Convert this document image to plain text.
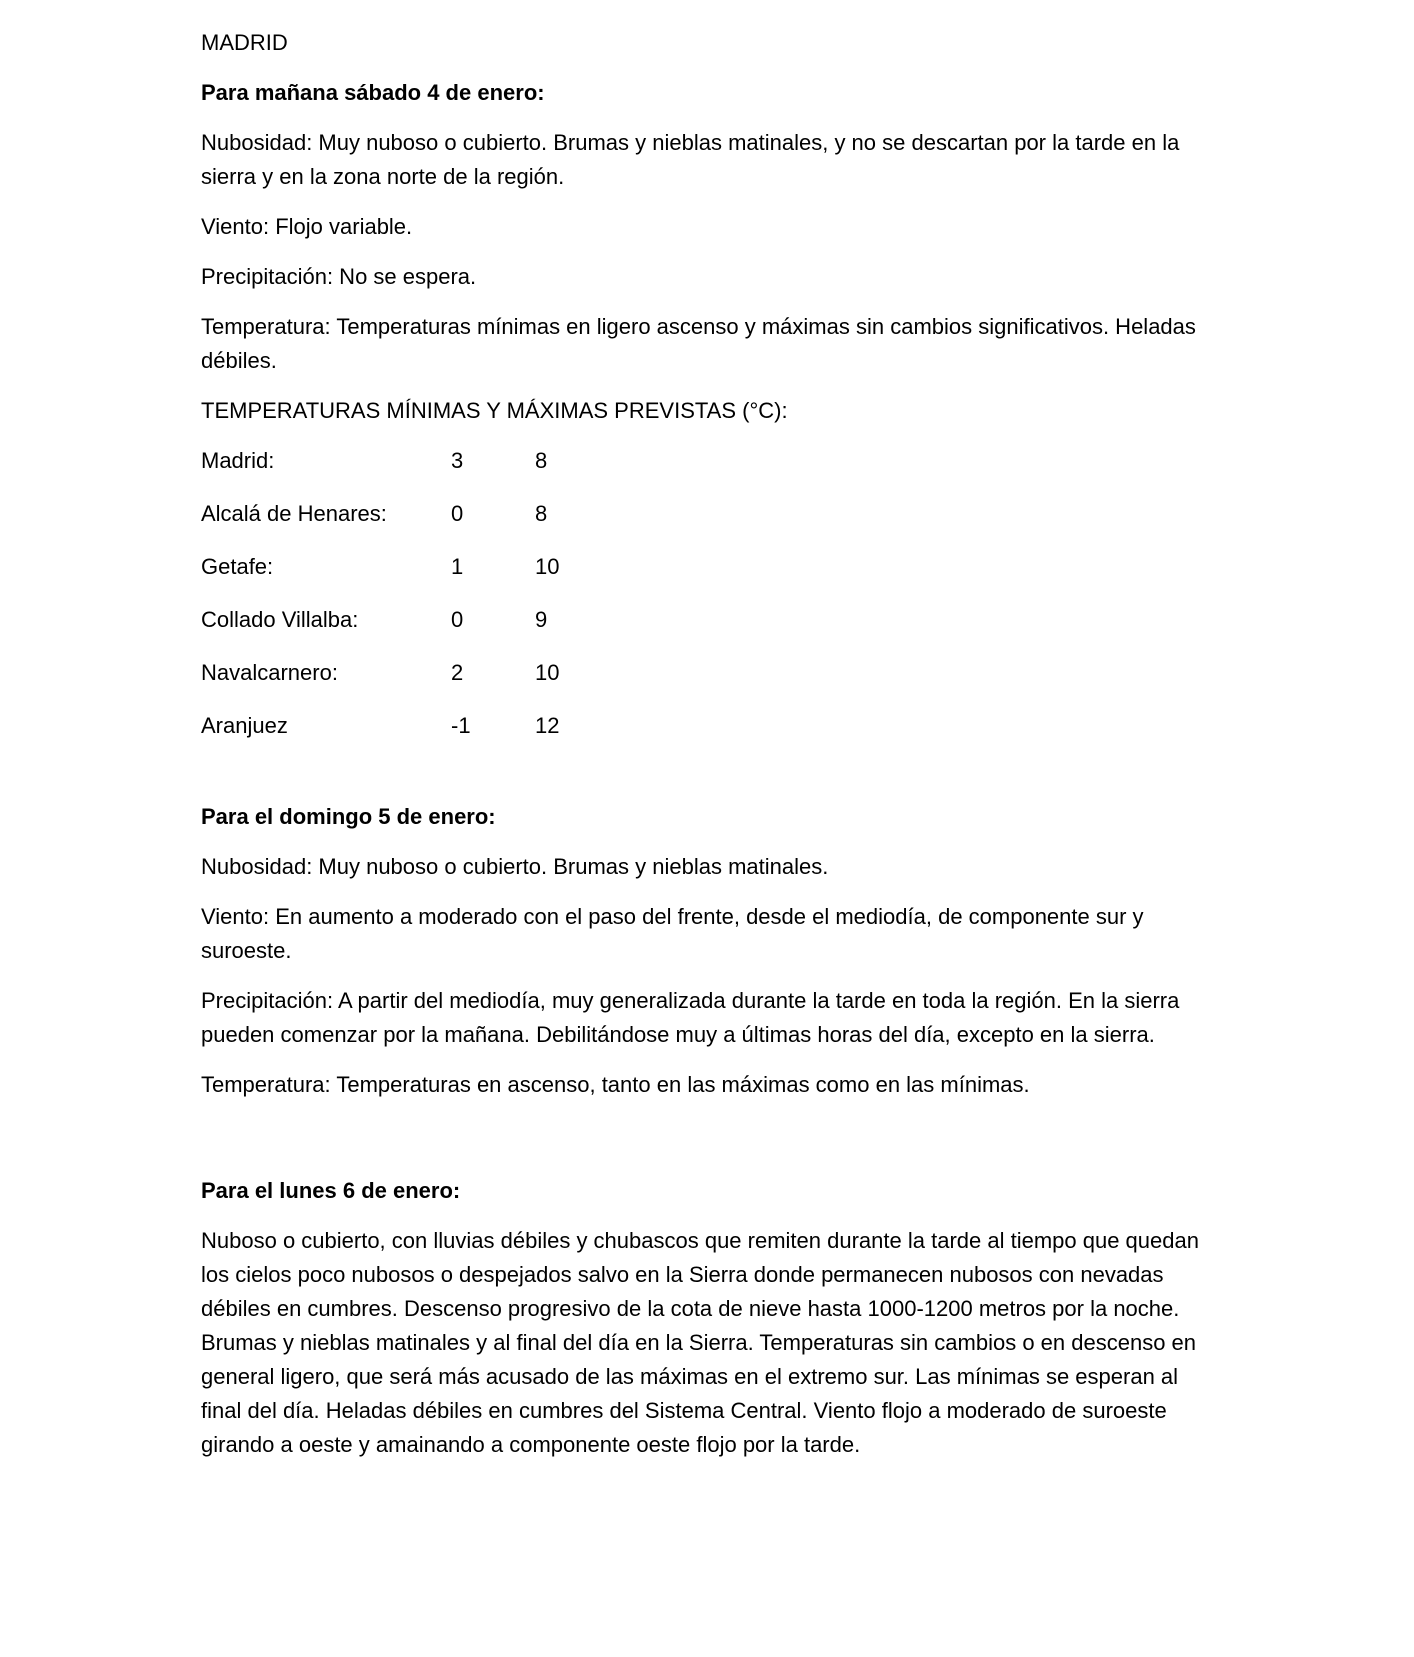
MADRID

Para mañana sábado 4 de enero:

Nubosidad: Muy nuboso o cubierto. Brumas y nieblas matinales, y no se descartan por la tarde en la sierra y en la zona norte de la región.

Viento: Flojo variable.

Precipitación: No se espera.

Temperatura: Temperaturas mínimas en ligero ascenso y máximas sin cambios significativos. Heladas débiles.

TEMPERATURAS MÍNIMAS Y MÁXIMAS PREVISTAS (°C):

Madrid:	3	8
Alcalá de Henares:	0	8
Getafe:	1	10
Collado Villalba:	0	9
Navalcarnero:	2	10
Aranjuez	-1	12

Para el domingo 5 de enero:

Nubosidad: Muy nuboso o cubierto. Brumas y nieblas matinales.

Viento: En aumento a moderado con el paso del frente, desde el mediodía, de componente sur y suroeste.

Precipitación: A partir del mediodía, muy generalizada durante la tarde en toda la región. En la sierra pueden comenzar por la mañana. Debilitándose muy a últimas horas del día, excepto en la sierra.

Temperatura: Temperaturas en ascenso, tanto en las máximas como en las mínimas.

Para el lunes 6 de enero:

Nuboso o cubierto, con lluvias débiles y chubascos que remiten durante la tarde al tiempo que quedan los cielos poco nubosos o despejados salvo en la Sierra donde permanecen nubosos con nevadas débiles en cumbres. Descenso progresivo de la cota de nieve hasta 1000-1200 metros por la noche. Brumas y nieblas matinales y al final del día en la Sierra. Temperaturas sin cambios o en descenso en general ligero, que será más acusado de las máximas en el extremo sur. Las mínimas se esperan al final del día. Heladas débiles en cumbres del Sistema Central. Viento flojo a moderado de suroeste girando a oeste y amainando a componente oeste flojo por la tarde.
